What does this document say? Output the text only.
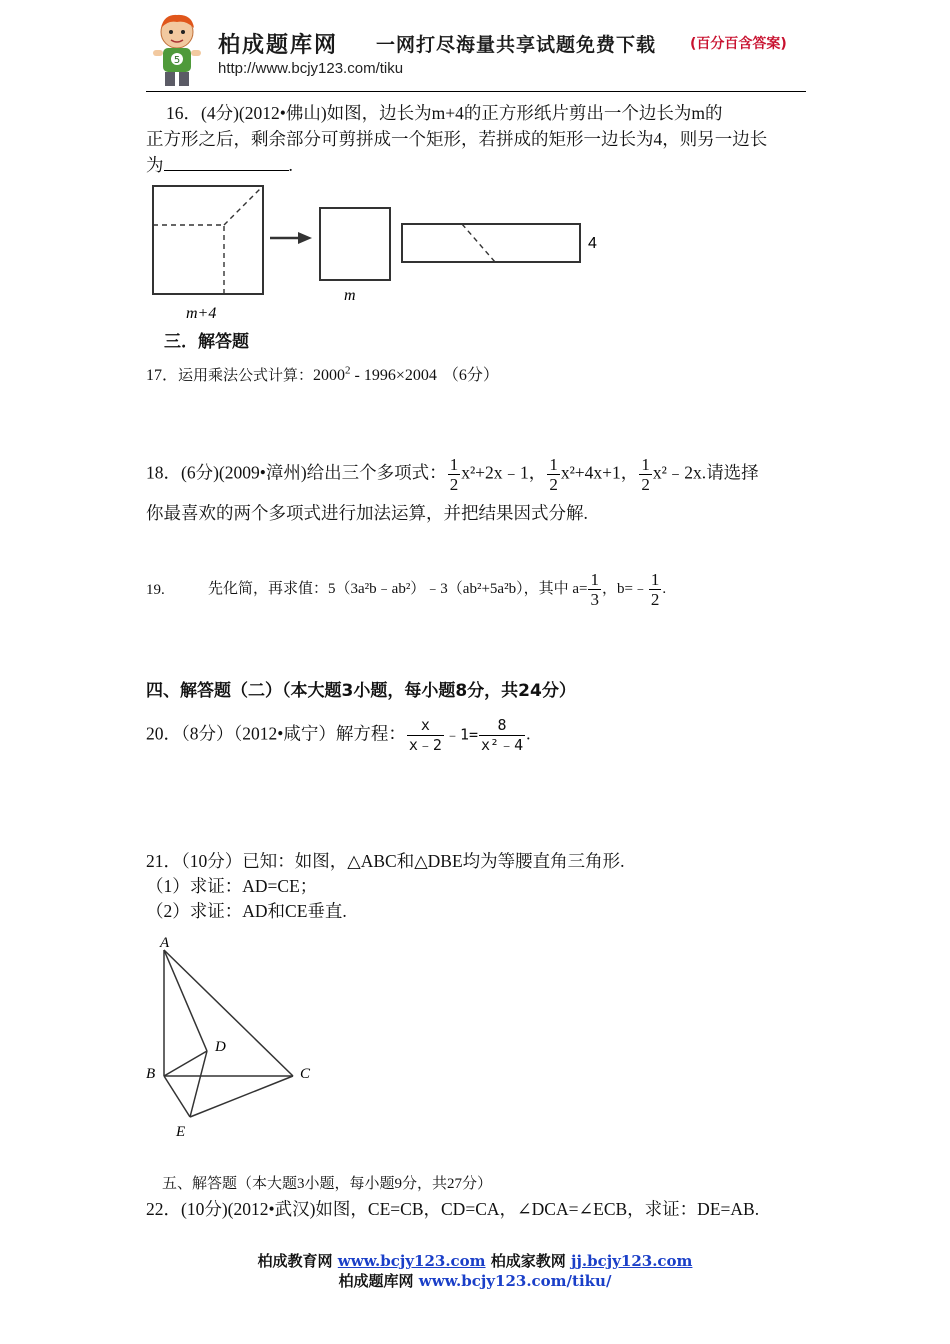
5
柏成题库网 一网打尽海量共享试题免费下载 (百分百含答案)
http://www.bcjy123.com/tiku
16．(4分)(2012•佛山)如图，边长为m+4的正方形纸片剪出一个边长为m的
正方形之后，剩余部分可剪拼成一个矩形，若拼成的矩形一边长为4，则另一边长
为	.
m+4
m
4
三．解答题
17．运用乘法公式计算：2000$^2$ - 1996×2004 （6分）
18．(6分)(2009•漳州)给出三个多项式： $\frac{1}{2}$ x²+2x﹣1， $\frac{1}{2} x^2+4x+1$， $\frac{1}{2}$ x²﹣2x.请选择
你最喜欢的两个多项式进行加法运算，并把结果因式分解.
19.	先化简，再求值：5（3a²b﹣ab²）﹣3（ab²+5a²b），其中 $a= \frac{1}{3}$ ，b=﹣ $\frac{1}{2}$ .
四、解答题（二）（本大题3小题，每小题8分，共24分）
20．（8分）（2012•咸宁）解方程： $\frac{x}{x﹣2}$ ﹣1= $\frac{8}{\text{x²﹣4}}$ .
21．（10分）已知：如图，△ABC和△DBE均为等腰直角三角形.
（1）求证：AD=CE；
（2）求证：AD和CE垂直.
A
B	C
D
E
五、解答题（本大题3小题，每小题9分，共27分）
22．(10分)(2012•武汉)如图，CE=CB，CD=CA，∠DCA=∠ECB，求证：DE=AB.
柏成教育网 www.bcjy123.com 柏成家教网 jj.bcjy123.com
柏成题库网 www.bcjy123.com/tiku/
